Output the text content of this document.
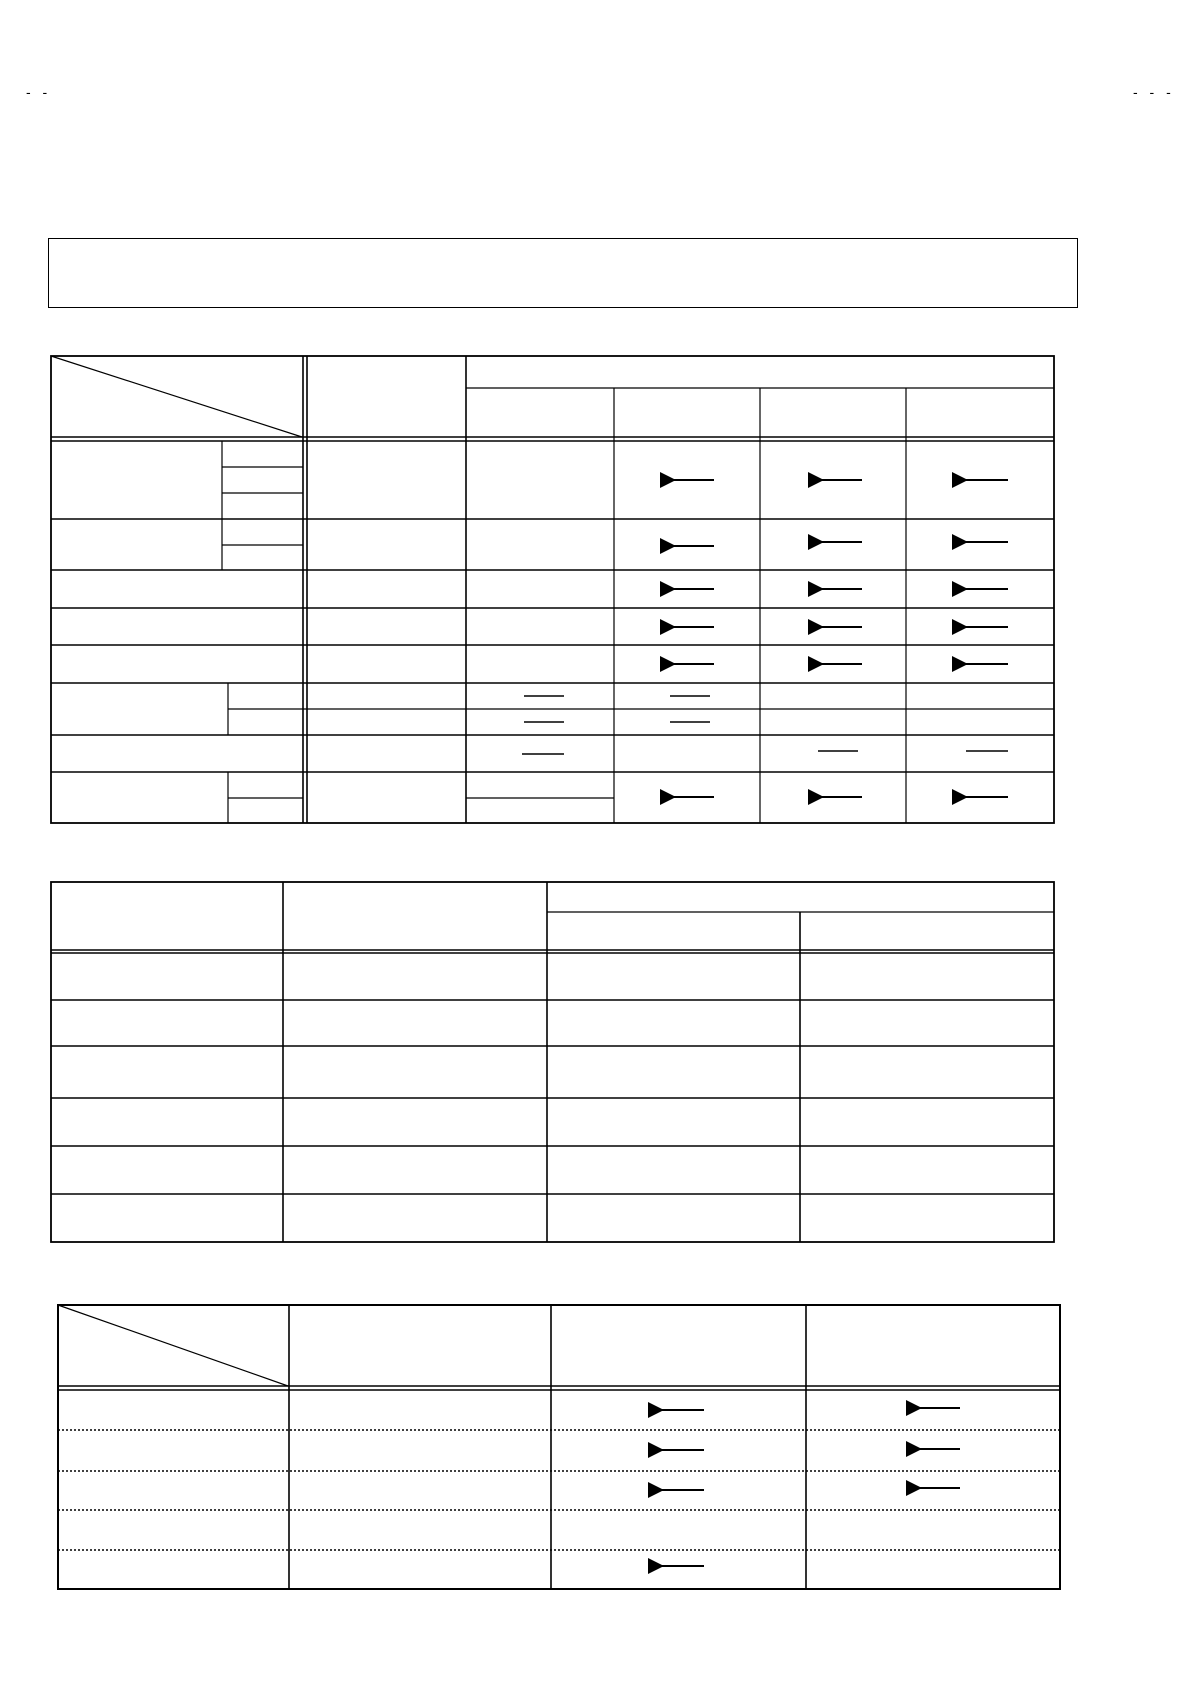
- -	- - -
